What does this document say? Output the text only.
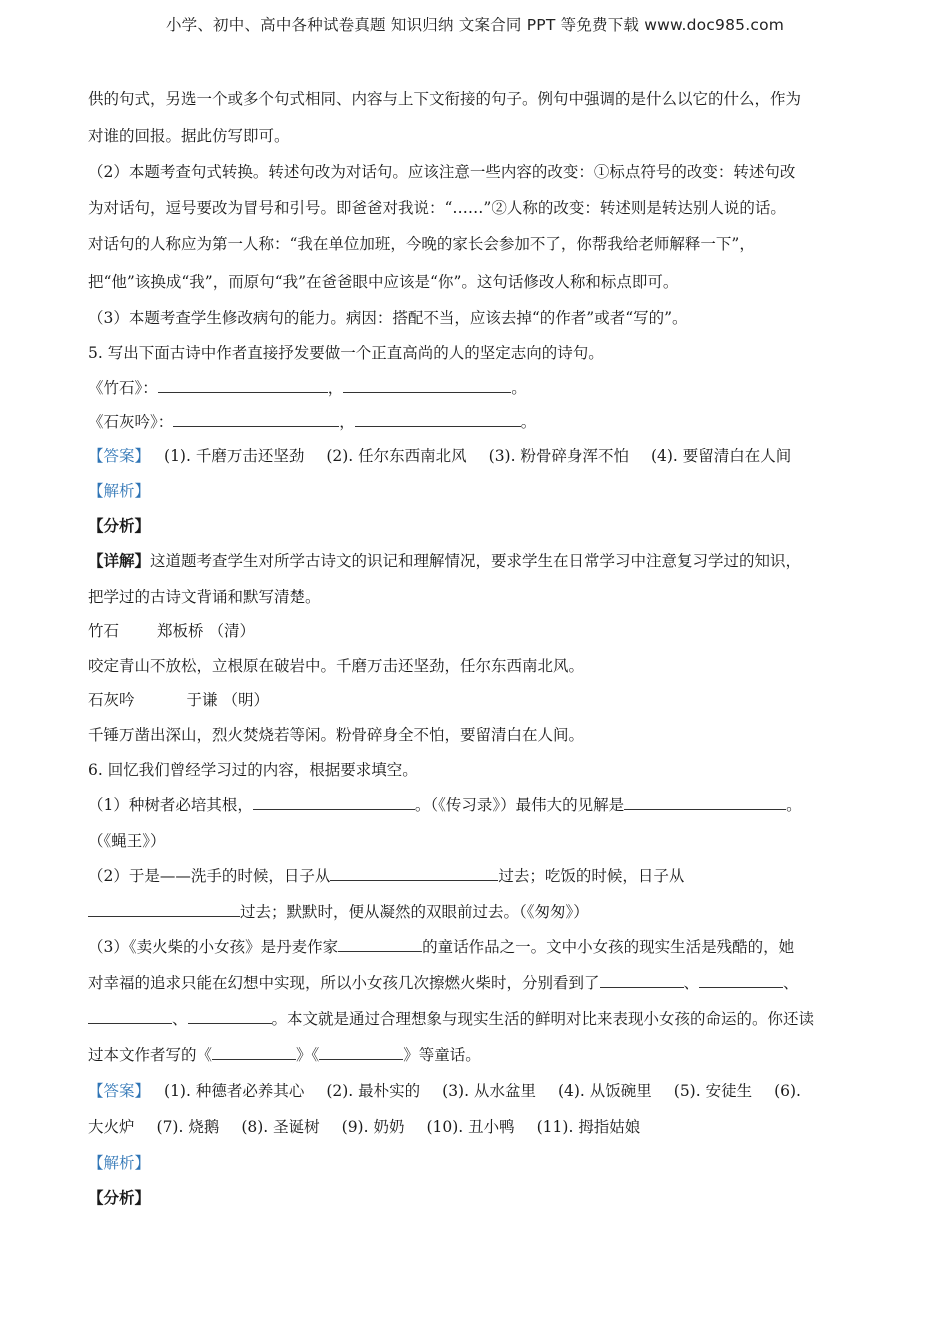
小学、初中、高中各种试卷真题 知识归纳 文案合同 PPT 等免费下载 www.doc985.com
供的句式，另选一个或多个句式相同、内容与上下文衔接的句子。例句中强调的是什么以它的什么，作为
对谁的回报。据此仿写即可。
（2）本题考查句式转换。转述句改为对话句。应该注意一些内容的改变：①标点符号的改变：转述句改
为对话句，逗号要改为冒号和引号。即爸爸对我说：“……”②人称的改变：转述则是转达别人说的话。
对话句的人称应为第一人称：“我在单位加班，今晚的家长会参加不了，你帮我给老师解释一下”，
把“他”该换成“我”，而原句“我”在爸爸眼中应该是“你”。这句话修改人称和标点即可。
（3）本题考查学生修改病句的能力。病因：搭配不当，应该去掉“的作者”或者“写的”。
5. 写出下面古诗中作者直接抒发要做一个正直高尚的人的坚定志向的诗句。
《竹石》：	，	。
《石灰吟》：	，	。
【答案】 (1). 千磨万击还坚劲 (2). 任尔东西南北风 (3). 粉骨碎身浑不怕 (4). 要留清白在人间
【解析】
【分析】
【详解】这道题考查学生对所学古诗文的识记和理解情况，要求学生在日常学习中注意复习学过的知识，
把学过的古诗文背诵和默写清楚。
竹石 郑板桥 （清）
咬定青山不放松，立根原在破岩中。千磨万击还坚劲，任尔东西南北风。
石灰吟	于谦 （明）
千锤万凿出深山，烈火焚烧若等闲。粉骨碎身全不怕，要留清白在人间。
6. 回忆我们曾经学习过的内容，根据要求填空。
（1）种树者必培其根，	。（《传习录》）最伟大的见解是	。
（《蝇王》）
（2）于是——洗手的时候，日子从	过去；吃饭的时候，日子从
过去；默默时，便从凝然的双眼前过去。（《匆匆》）
（3）《卖火柴的小女孩》是丹麦作家	的童话作品之一。文中小女孩的现实生活是残酷的，她
对幸福的追求只能在幻想中实现，所以小女孩几次擦燃火柴时，分别看到了	、	、
、	。本文就是通过合理想象与现实生活的鲜明对比来表现小女孩的命运的。你还读
过本文作者写的《	》《	》等童话。
【答案】 (1). 种德者必养其心 (2). 最朴实的 (3). 从水盆里 (4). 从饭碗里 (5). 安徒生 (6).
大火炉 (7). 烧鹅 (8). 圣诞树 (9). 奶奶 (10). 丑小鸭 (11). 拇指姑娘
【解析】
【分析】
